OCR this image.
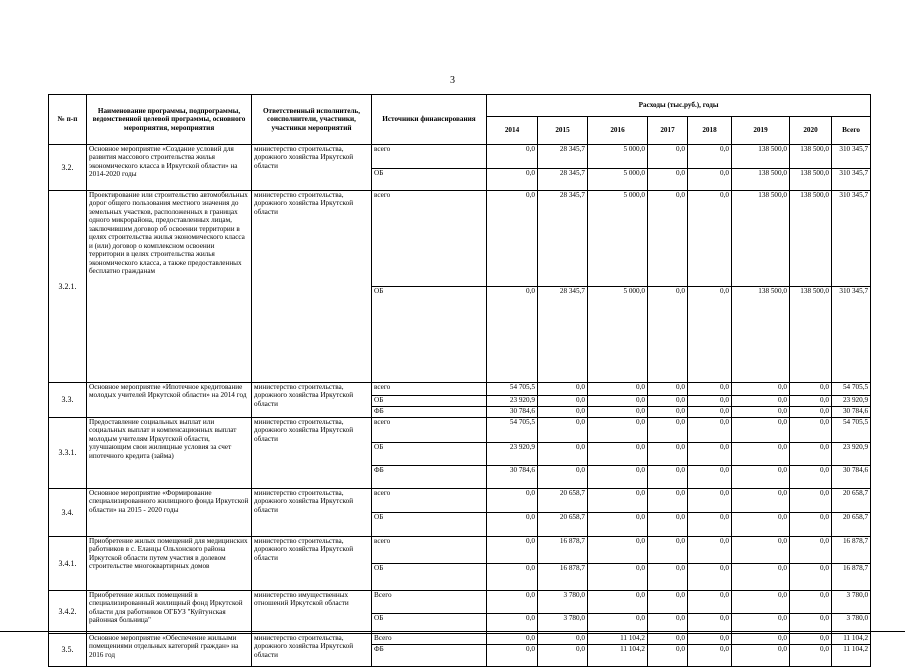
3
№ п-п	Наименование программы, подпрограммы, ведомственной целевой программы, основного мероприятия, мероприятия	Ответственный исполнитель, соисполнители, участники, участники мероприятий	Источники финансирования	Расходы (тыс.руб.), годы							
				2014	2015	2016	2017	2018	2019	2020	Всего
3.2.	Основное мероприятие «Создание условий для развития массового строительства жилья экономического класса в Иркутской области» на 2014-2020 годы	министерство строительства, дорожного хозяйства Иркутской области	всего	0,0	28 345,7	5 000,0	0,0	0,0	138 500,0	138 500,0	310 345,7
			ОБ	0,0	28 345,7	5 000,0	0,0	0,0	138 500,0	138 500,0	310 345,7
3.2.1.	Проектирование или строительство автомобильных дорог общего пользования местного значения до земельных участков, расположенных в границах одного микрорайона, предоставленных лицам, заключившим договор об освоении территории в целях строительства жилья экономического класса и (или) договор о комплексном освоении территории в целях строительства жилья экономического класса, а также предоставленных бесплатно гражданам	министерство строительства, дорожного хозяйства Иркутской области	всего	0,0	28 345,7	5 000,0	0,0	0,0	138 500,0	138 500,0	310 345,7
			ОБ	0,0	28 345,7	5 000,0	0,0	0,0	138 500,0	138 500,0	310 345,7
3.3.	Основное мероприятие «Ипотечное кредитование молодых учителей Иркутской области» на 2014 год	министерство строительства, дорожного хозяйства Иркутской области	всего	54 705,5	0,0	0,0	0,0	0,0	0,0	0,0	54 705,5
			ОБ	23 920,9	0,0	0,0	0,0	0,0	0,0	0,0	23 920,9
			ФБ	30 784,6	0,0	0,0	0,0	0,0	0,0	0,0	30 784,6
3.3.1.	Предоставление социальных выплат или социальных выплат и компенсационных выплат молодым учителям Иркутской области, улучшающим свои жилищные условия за счет ипотечного кредита (займа)	министерство строительства, дорожного хозяйства Иркутской области	всего	54 705,5	0,0	0,0	0,0	0,0	0,0	0,0	54 705,5
			ОБ	23 920,9	0,0	0,0	0,0	0,0	0,0	0,0	23 920,9
			ФБ	30 784,6	0,0	0,0	0,0	0,0	0,0	0,0	30 784,6
3.4.	Основное мероприятие «Формирование специализированного жилищного фонда Иркутской области» на 2015 - 2020 годы	министерство строительства, дорожного хозяйства Иркутской области	всего	0,0	20 658,7	0,0	0,0	0,0	0,0	0,0	20 658,7
			ОБ	0,0	20 658,7	0,0	0,0	0,0	0,0	0,0	20 658,7
3.4.1.	Приобретение жилых помещений для медицинских работников в с. Еланцы Ольхонского района Иркутской области путем участия в долевом строительстве многоквартирных домов	министерство строительства, дорожного хозяйства Иркутской области	всего	0,0	16 878,7	0,0	0,0	0,0	0,0	0,0	16 878,7
			ОБ	0,0	16 878,7	0,0	0,0	0,0	0,0	0,0	16 878,7
3.4.2.	Приобретение жилых помещений в специализированный жилищный фонд Иркутской области для работников ОГБУЗ "Куйтунская районная больница"	министерство имущественных отношений Иркутской области	Всего	0,0	3 780,0	0,0	0,0	0,0	0,0	0,0	3 780,0
			ОБ	0,0	3 780,0	0,0	0,0	0,0	0,0	0,0	3 780,0
3.5.	Основное мероприятие «Обеспечение жильыми помещениями отдельных категорий граждан» на 2016 год	министерство строительства, дорожного хозяйства Иркутской области	Всего	0,0	0,0	11 104,2	0,0	0,0	0,0	0,0	11 104,2
			ФБ	0,0	0,0	11 104,2	0,0	0,0	0,0	0,0	11 104,2
